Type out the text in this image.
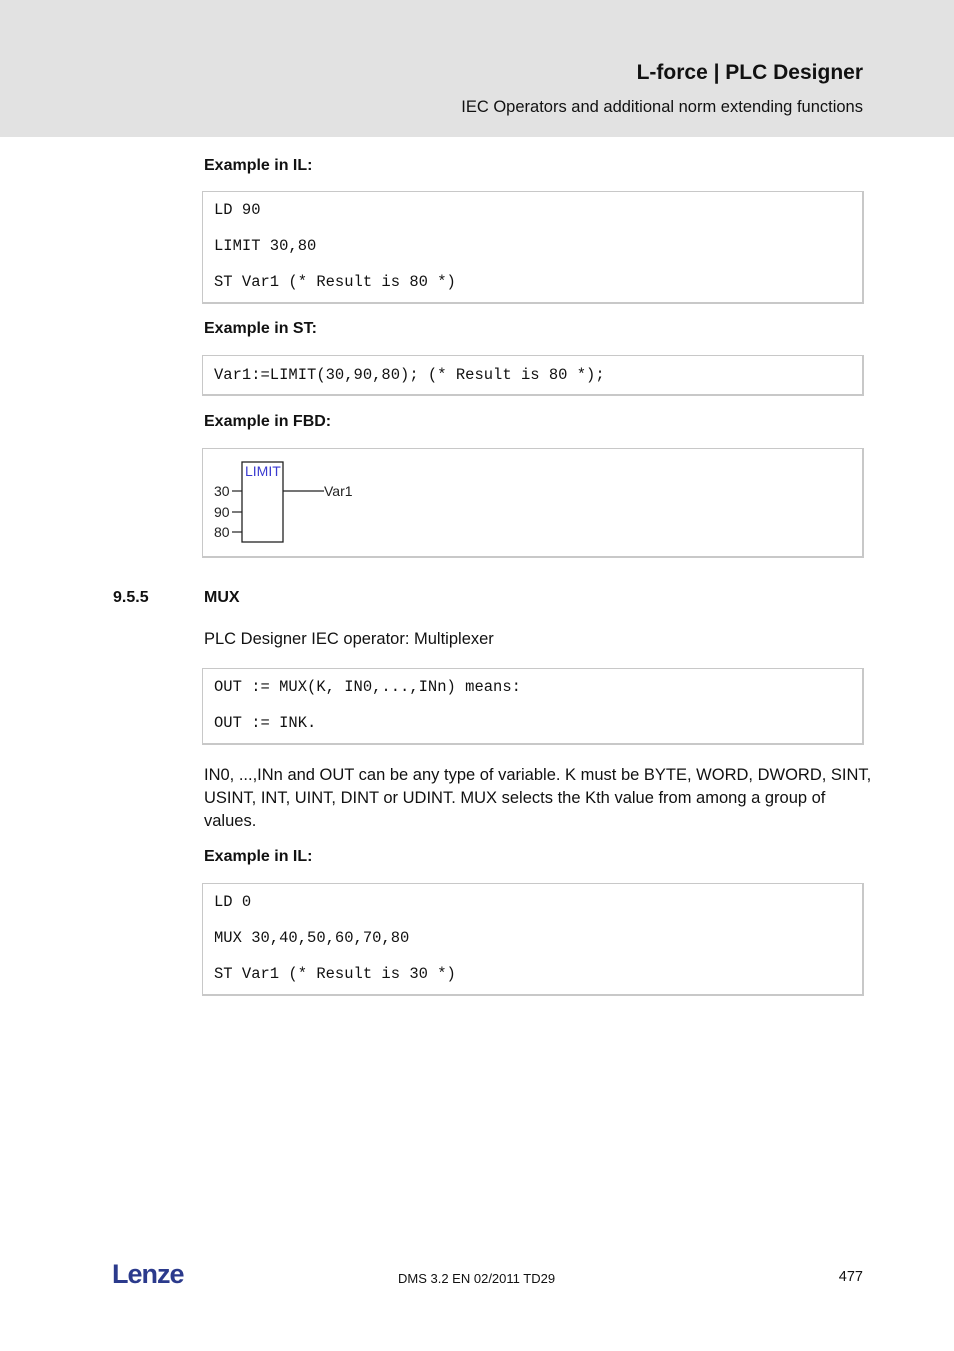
L-force | PLC Designer
IEC Operators and additional norm extending functions
Example in IL:
LD 90
LIMIT 30,80
ST Var1 (* Result is 80 *)
Example in ST:
Var1:=LIMIT(30,90,80); (* Result is 80 *);
Example in FBD:
LIMIT
30
90
80
Var1
9.5.5	MUX
PLC Designer IEC operator: Multiplexer
OUT := MUX(K, IN0,...,INn) means:
OUT := INK.
IN0, ...,INn and OUT can be any type of variable. K must be BYTE, WORD, DWORD, SINT,
USINT, INT, UINT, DINT or UDINT. MUX selects the Kth value from among a group of
values.
Example in IL:
LD 0
MUX 30,40,50,60,70,80
ST Var1 (* Result is 30 *)
Lenze	DMS 3.2 EN 02/2011 TD29	477
